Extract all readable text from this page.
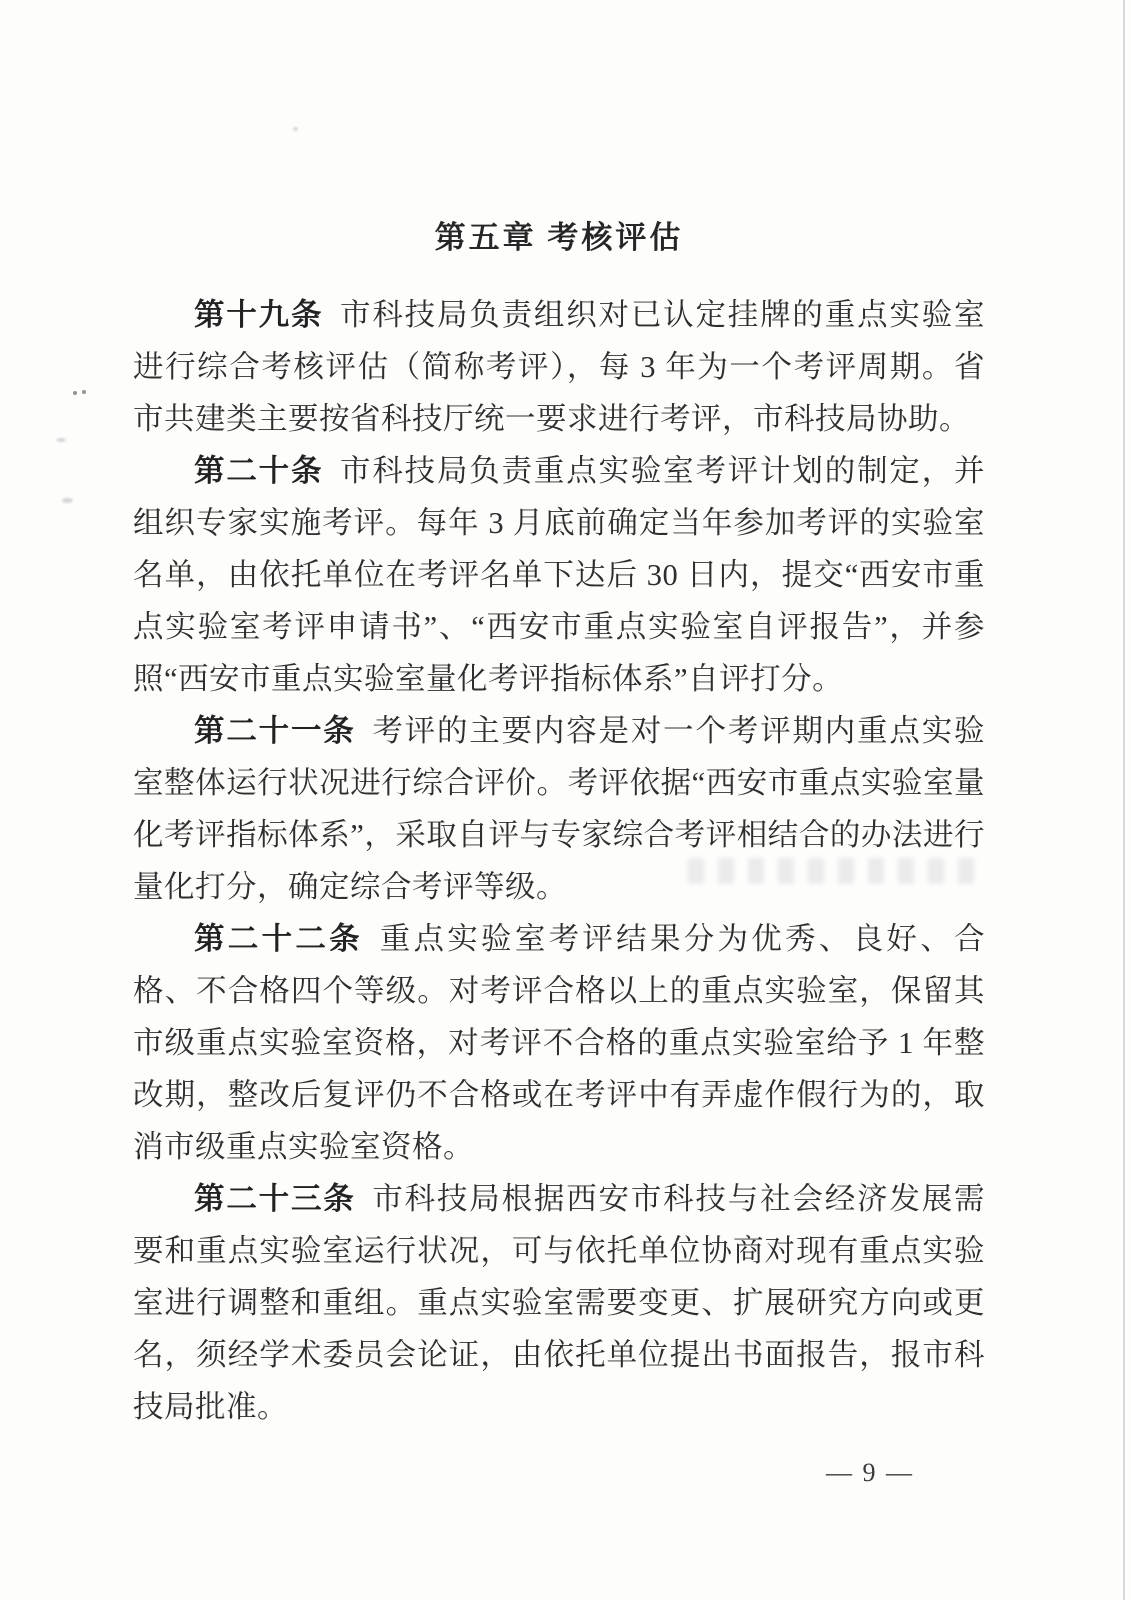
第五章 考核评估

第十九条 市科技局负责组织对已认定挂牌的重点实验室进行综合考核评估（简称考评），每 3 年为一个考评周期。省市共建类主要按省科技厅统一要求进行考评，市科技局协助。

第二十条 市科技局负责重点实验室考评计划的制定，并组织专家实施考评。每年 3 月底前确定当年参加考评的实验室名单，由依托单位在考评名单下达后 30 日内，提交“西安市重点实验室考评申请书”、“西安市重点实验室自评报告”，并参照“西安市重点实验室量化考评指标体系”自评打分。

第二十一条 考评的主要内容是对一个考评期内重点实验室整体运行状况进行综合评价。考评依据“西安市重点实验室量化考评指标体系”，采取自评与专家综合考评相结合的办法进行量化打分，确定综合考评等级。

第二十二条 重点实验室考评结果分为优秀、良好、合格、不合格四个等级。对考评合格以上的重点实验室，保留其市级重点实验室资格，对考评不合格的重点实验室给予 1 年整改期，整改后复评仍不合格或在考评中有弄虚作假行为的，取消市级重点实验室资格。

第二十三条 市科技局根据西安市科技与社会经济发展需要和重点实验室运行状况，可与依托单位协商对现有重点实验室进行调整和重组。重点实验室需要变更、扩展研究方向或更名，须经学术委员会论证，由依托单位提出书面报告，报市科技局批准。

— 9 —
